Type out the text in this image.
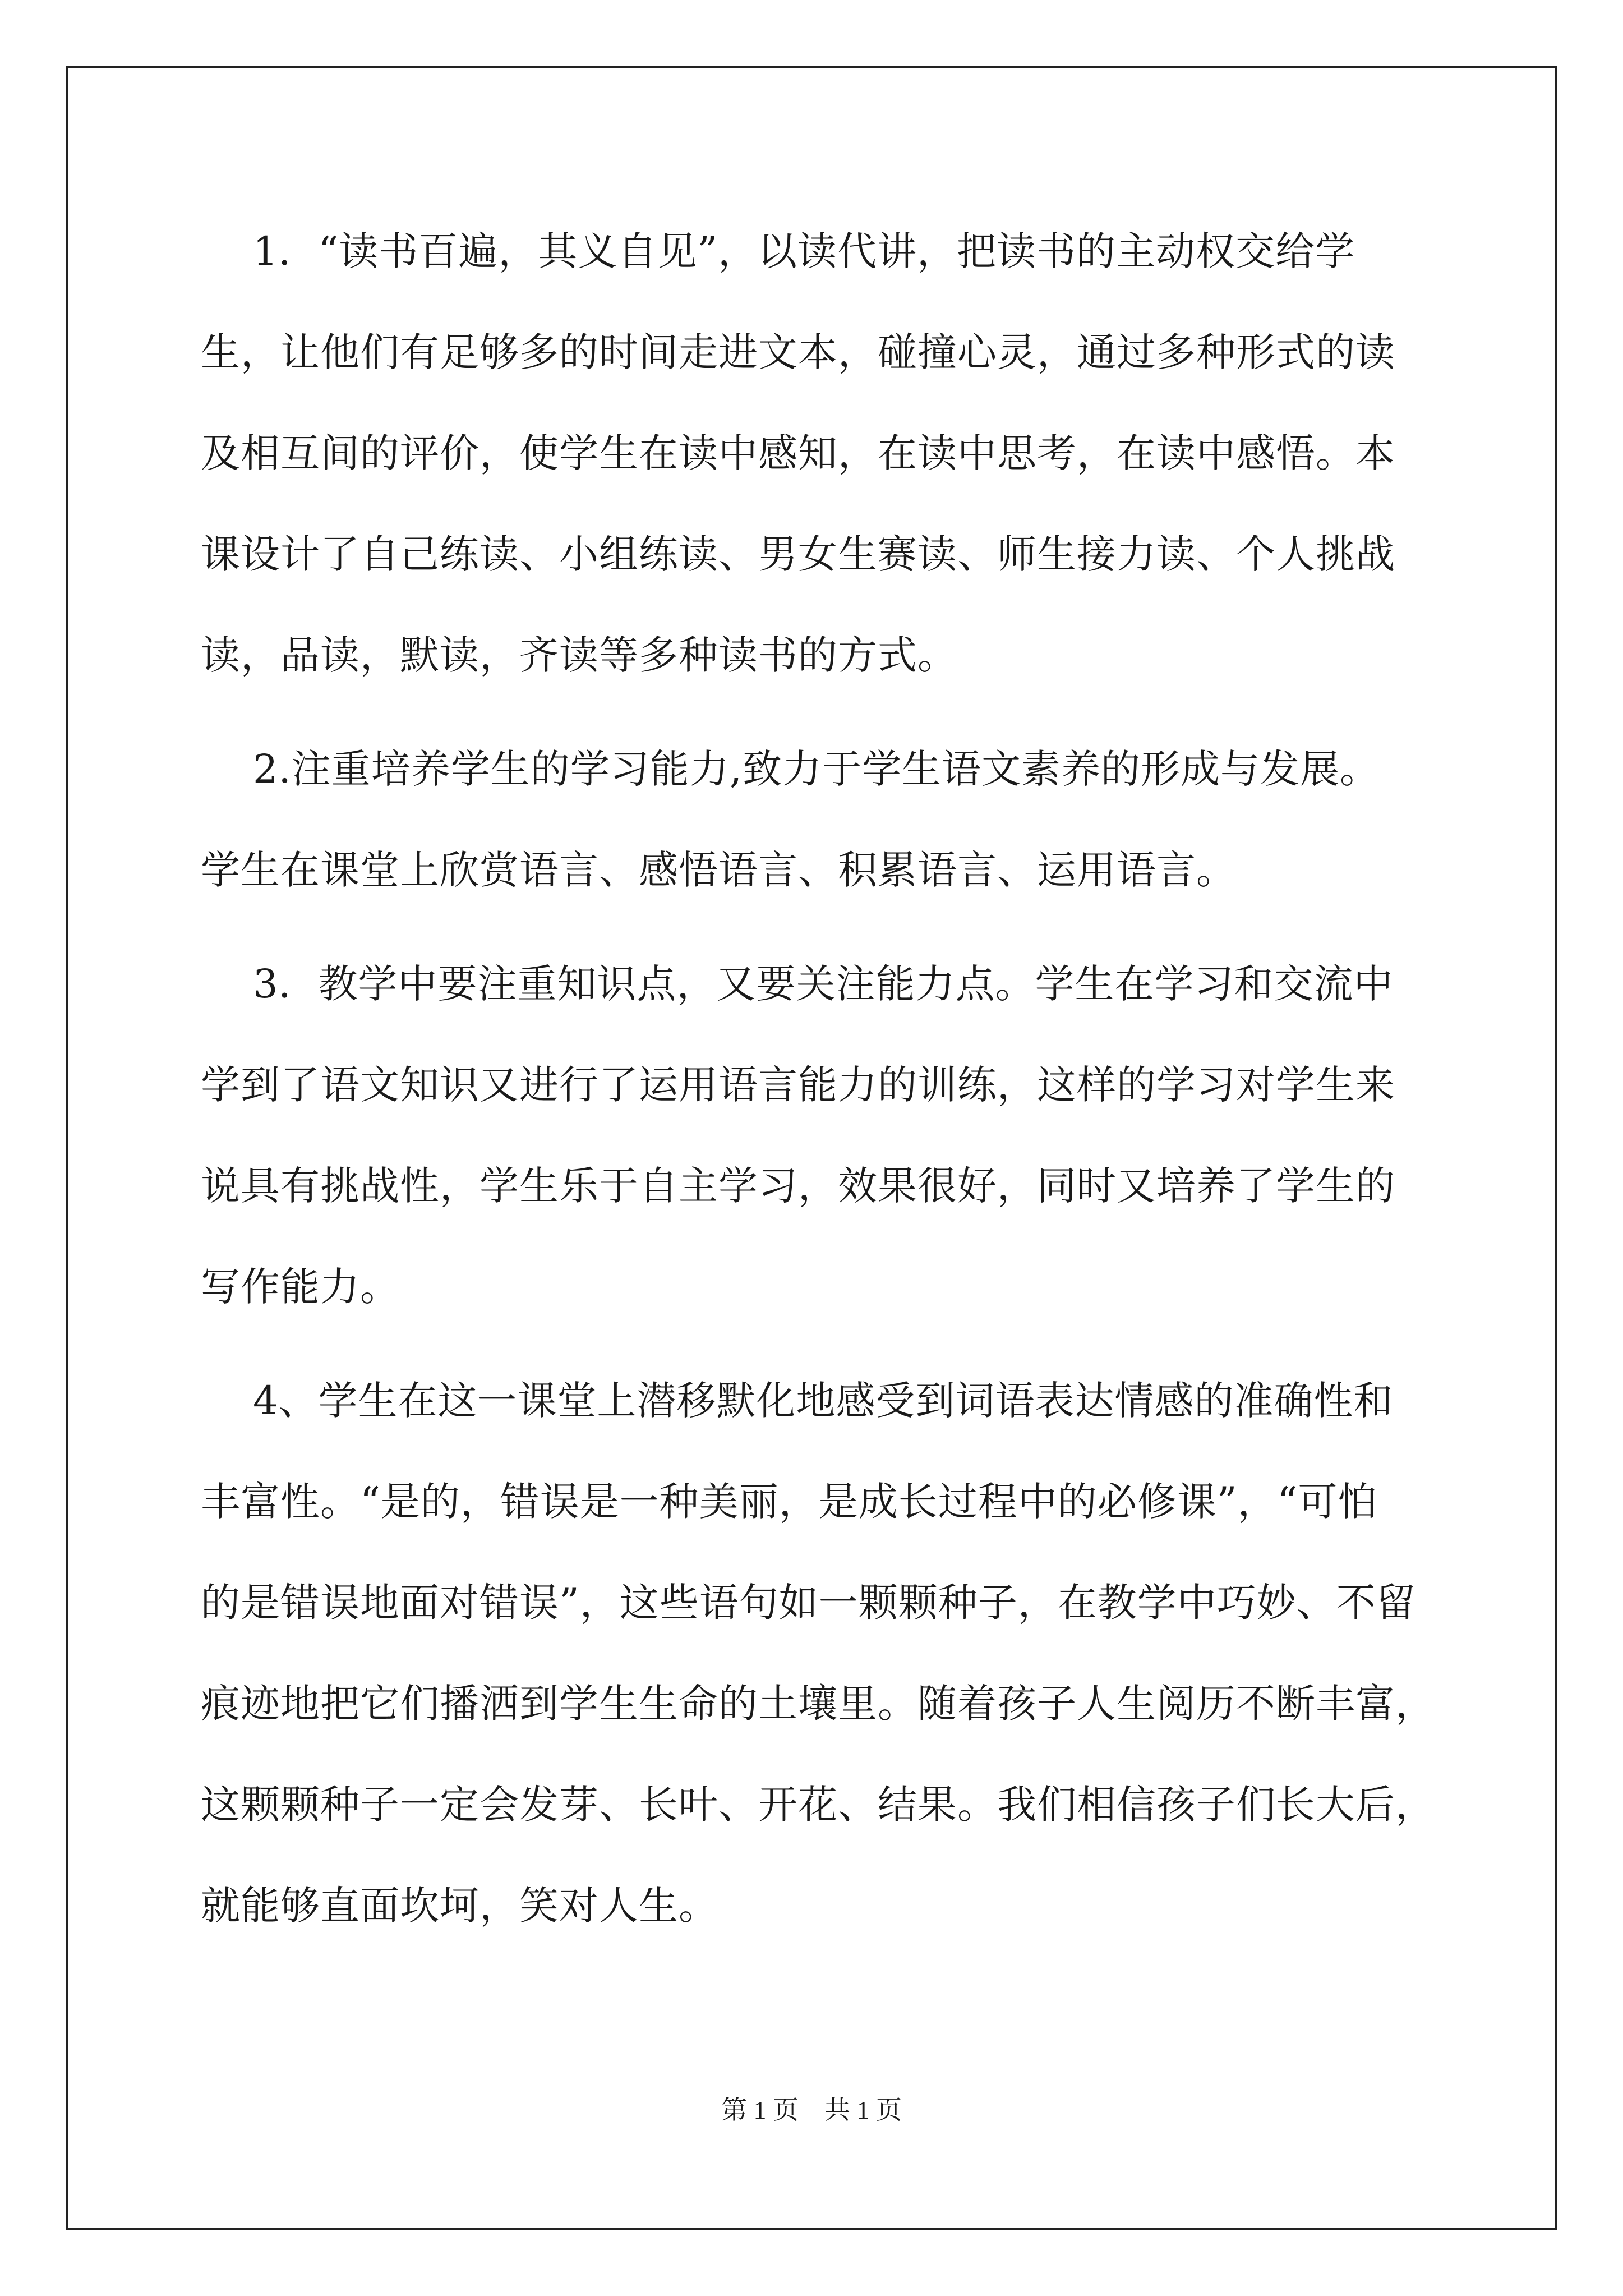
1．“读书百遍，其义自见”，以读代讲，把读书的主动权交给学
生，让他们有足够多的时间走进文本，碰撞心灵，通过多种形式的读
及相互间的评价，使学生在读中感知，在读中思考，在读中感悟。本
课设计了自己练读、小组练读、男女生赛读、师生接力读、个人挑战
读，品读，默读，齐读等多种读书的方式。
2.注重培养学生的学习能力,致力于学生语文素养的形成与发展。
学生在课堂上欣赏语言、感悟语言、积累语言、运用语言。
3．教学中要注重知识点，又要关注能力点。学生在学习和交流中
学到了语文知识又进行了运用语言能力的训练，这样的学习对学生来
说具有挑战性，学生乐于自主学习，效果很好，同时又培养了学生的
写作能力。
4、学生在这一课堂上潜移默化地感受到词语表达情感的准确性和
丰富性。“是的，错误是一种美丽，是成长过程中的必修课”，“可怕
的是错误地面对错误”，这些语句如一颗颗种子，在教学中巧妙、不留
痕迹地把它们播洒到学生生命的土壤里。随着孩子人生阅历不断丰富，
这颗颗种子一定会发芽、长叶、开花、结果。我们相信孩子们长大后，
就能够直面坎坷，笑对人生。
第 1 页　共 1 页
